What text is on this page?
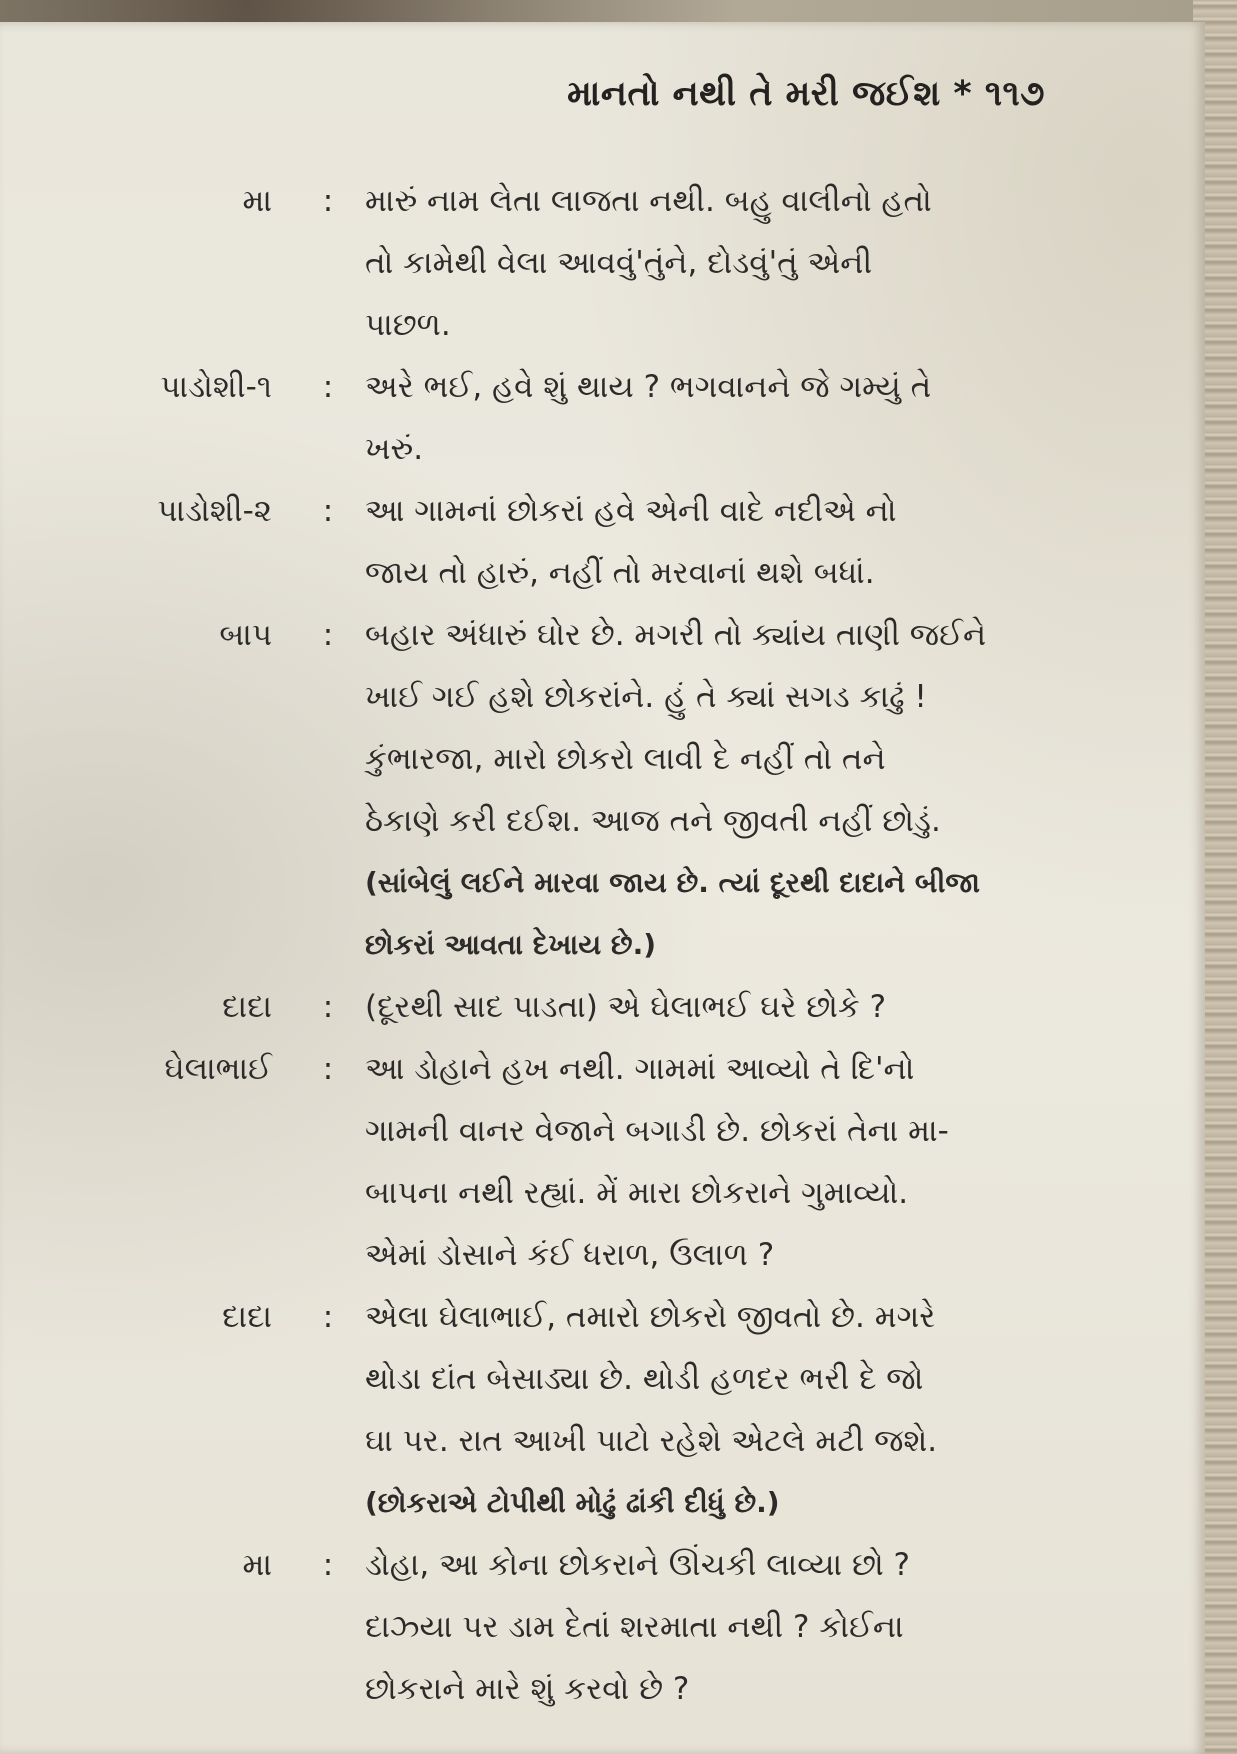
માનતો નથી તે મરી જઈશ * ૧૧૭
મા : મારું નામ લેતા લાજતા નથી. બહુ વાલીનો હતો
તો કામેથી વેલા આવવું'તુંને, દોડવું'તું એની
પાછળ.
પાડોશી-૧ : અરે ભઈ, હવે શું થાય ? ભગવાનને જે ગમ્યું તે
ખરું.
પાડોશી-૨ : આ ગામનાં છોકરાં હવે એની વાદે નદીએ નો
જાય તો હારું, નહીં તો મરવાનાં થશે બધાં.
બાપ : બહાર અંધારું ઘોર છે. મગરી તો ક્યાંય તાણી જઈને
ખાઈ ગઈ હશે છોકરાંને. હું તે ક્યાં સગડ કાઢું !
કુંભારજા, મારો છોકરો લાવી દે નહીં તો તને
ઠેકાણે કરી દઈશ. આજ તને જીવતી નહીં છોડું.
(સાંબેલું લઈને મારવા જાય છે. ત્યાં દૂરથી દાદાને બીજા
છોકરાં આવતા દેખાય છે.)
દાદા : (દૂરથી સાદ પાડતા) એ ઘેલાભઈ ઘરે છોકે ?
ઘેલાભાઈ : આ ડોહાને હખ નથી. ગામમાં આવ્યો તે દિ'નો
ગામની વાનર વેજાને બગાડી છે. છોકરાં તેના મા-
બાપના નથી રહ્યાં. મેં મારા છોકરાને ગુમાવ્યો.
એમાં ડોસાને કંઈ ધરાળ, ઉલાળ ?
દાદા : એલા ઘેલાભાઈ, તમારો છોકરો જીવતો છે. મગરે
થોડા દાંત બેસાડ્યા છે. થોડી હળદર ભરી દે જો
ઘા પર. રાત આખી પાટો રહેશે એટલે મટી જશે.
(છોકરાએ ટોપીથી મોઢું ઢાંકી દીધું છે.)
મા : ડોહા, આ કોના છોકરાને ઊંચકી લાવ્યા છો ?
દાઝ્યા પર ડામ દેતાં શરમાતા નથી ? કોઈના
છોકરાને મારે શું કરવો છે ?
